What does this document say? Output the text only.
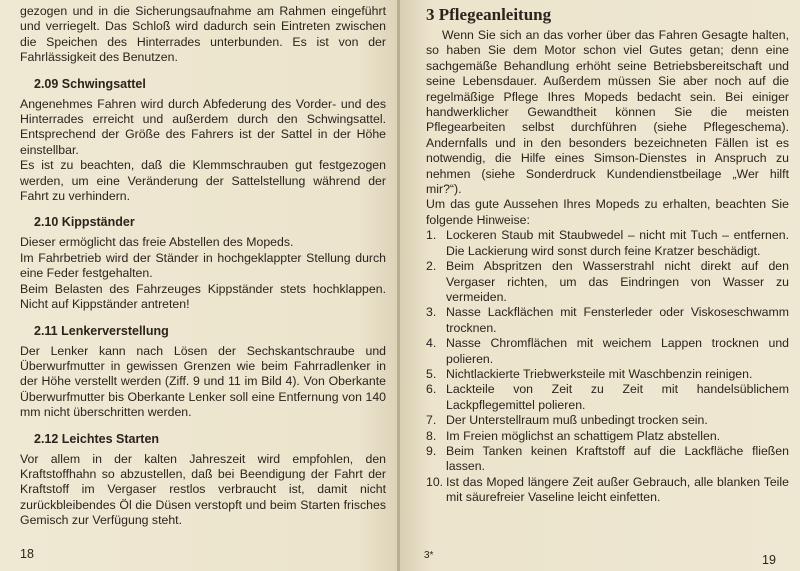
gezogen und in die Sicherungsaufnahme am Rahmen eingeführt und verriegelt. Das Schloß wird dadurch sein Eintreten zwischen die Speichen des Hinterrades unterbunden. Es ist von der Fahrlässigkeit des Benutzen.

2.09 Schwingsattel

Angenehmes Fahren wird durch Abfederung des Vorder- und des Hinterrades erreicht und außerdem durch den Schwingsattel. Entsprechend der Größe des Fahrers ist der Sattel in der Höhe einstellbar.
Es ist zu beachten, daß die Klemmschrauben gut festgezogen werden, um eine Veränderung der Sattelstellung während der Fahrt zu verhindern.

2.10 Kippständer

Dieser ermöglicht das freie Abstellen des Mopeds.
Im Fahrbetrieb wird der Ständer in hochgeklappter Stellung durch eine Feder festgehalten.
Beim Belasten des Fahrzeuges Kippständer stets hochklappen. Nicht auf Kippständer antreten!

2.11 Lenkerverstellung

Der Lenker kann nach Lösen der Sechskantschraube und Überwurfmutter in gewissen Grenzen wie beim Fahrradlenker in der Höhe verstellt werden (Ziff. 9 und 11 im Bild 4). Von Oberkante Überwurfmutter bis Oberkante Lenker soll eine Entfernung von 140 mm nicht überschritten werden.

2.12 Leichtes Starten

Vor allem in der kalten Jahreszeit wird empfohlen, den Kraftstoffhahn so abzustellen, daß bei Beendigung der Fahrt der Kraftstoff im Vergaser restlos verbraucht ist, damit nicht zurückbleibendes Öl die Düsen verstopft und beim Starten frisches Gemisch zur Verfügung steht.

18
3 Pflegeanleitung

Wenn Sie sich an das vorher über das Fahren Gesagte halten, so haben Sie dem Motor schon viel Gutes getan; denn eine sachgemäße Behandlung erhöht seine Betriebsbereitschaft und seine Lebensdauer. Außerdem müssen Sie aber noch auf die regelmäßige Pflege Ihres Mopeds bedacht sein. Bei einiger handwerklicher Gewandtheit können Sie die meisten Pflegearbeiten selbst durchführen (siehe Pflegeschema). Andernfalls und in den besonders bezeichneten Fällen ist es notwendig, die Hilfe eines Simson-Dienstes in Anspruch zu nehmen (siehe Sonderdruck Kundendienstbeilage „Wer hilft mir?“).

Um das gute Aussehen Ihres Mopeds zu erhalten, beachten Sie folgende Hinweise:

1. Lockeren Staub mit Staubwedel – nicht mit Tuch – entfernen. Die Lackierung wird sonst durch feine Kratzer beschädigt.
2. Beim Abspritzen den Wasserstrahl nicht direkt auf den Vergaser richten, um das Eindringen von Wasser zu vermeiden.
3. Nasse Lackflächen mit Fensterleder oder Viskoseschwamm trocknen.
4. Nasse Chromflächen mit weichem Lappen trocknen und polieren.
5. Nichtlackierte Triebwerksteile mit Waschbenzin reinigen.
6. Lackteile von Zeit zu Zeit mit handelsüblichem Lackpflegemittel polieren.
7. Der Unterstellraum muß unbedingt trocken sein.
8. Im Freien möglichst an schattigem Platz abstellen.
9. Beim Tanken keinen Kraftstoff auf die Lackfläche fließen lassen.
10. Ist das Moped längere Zeit außer Gebrauch, alle blanken Teile mit säurefreier Vaseline leicht einfetten.
3*	19
